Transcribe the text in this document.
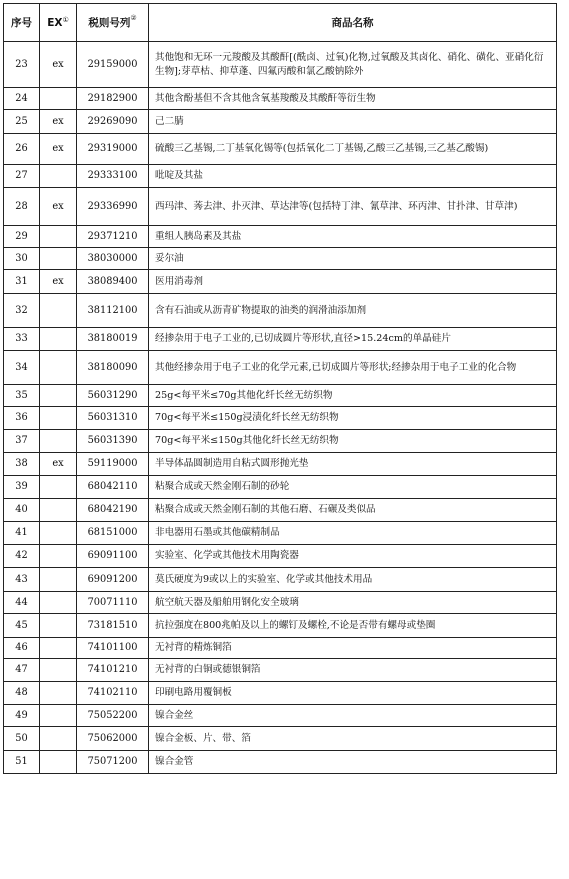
序号	EX①	税则号列②	商品名称
23	ex	29159000	其他饱和无环一元羧酸及其酸酐[(酰卤、过氧)化物,过氧酸及其卤化、硝化、磺化、亚硝化衍生物];芽草枯、抑草蓬、四氟丙酸和氯乙酸钠除外

24		29182900	其他含酚基但不含其他含氧基羧酸及其酸酐等衍生物

25	ex	29269090	己二腈

26	ex	29319000	硫酸三乙基锡,二丁基氧化锡等(包括氧化二丁基锡,乙酸三乙基锡,三乙基乙酸锡)

27		29333100	吡啶及其盐

28	ex	29336990	西玛津、莠去津、扑灭津、草达津等(包括特丁津、氰草津、环丙津、甘扑津、甘草津)

29		29371210	重组人胰岛素及其盐

30		38030000	妥尔油

31	ex	38089400	医用消毒剂

32		38112100	含有石油或从沥青矿物提取的油类的润滑油添加剂

33		38180019	经掺杂用于电子工业的,已切成圆片等形状,直径>15.24cm的单晶硅片

34		38180090	其他经掺杂用于电子工业的化学元素,已切成圆片等形状;经掺杂用于电子工业的化合物

35		56031290	25g<每平米≤70g其他化纤长丝无纺织物

36		56031310	70g<每平米≤150g浸渍化纤长丝无纺织物

37		56031390	70g<每平米≤150g其他化纤长丝无纺织物

38	ex	59119000	半导体晶圆制造用自粘式圆形抛光垫

39		68042110	粘聚合成或天然金刚石制的砂轮

40		68042190	粘聚合成或天然金刚石制的其他石磨、石碾及类似品

41		68151000	非电器用石墨或其他碳精制品

42		69091100	实验室、化学或其他技术用陶瓷器

43		69091200	莫氏硬度为9或以上的实验室、化学或其他技术用品

44		70071110	航空航天器及船舶用钢化安全玻璃

45		73181510	抗拉强度在800兆帕及以上的螺钉及螺栓,不论是否带有螺母或垫圈

46		74101100	无衬背的精炼铜箔

47		74101210	无衬背的白铜或德银铜箔

48		74102110	印刷电路用覆铜板

49		75052200	镍合金丝

50		75062000	镍合金板、片、带、箔

51		75071200	镍合金管
